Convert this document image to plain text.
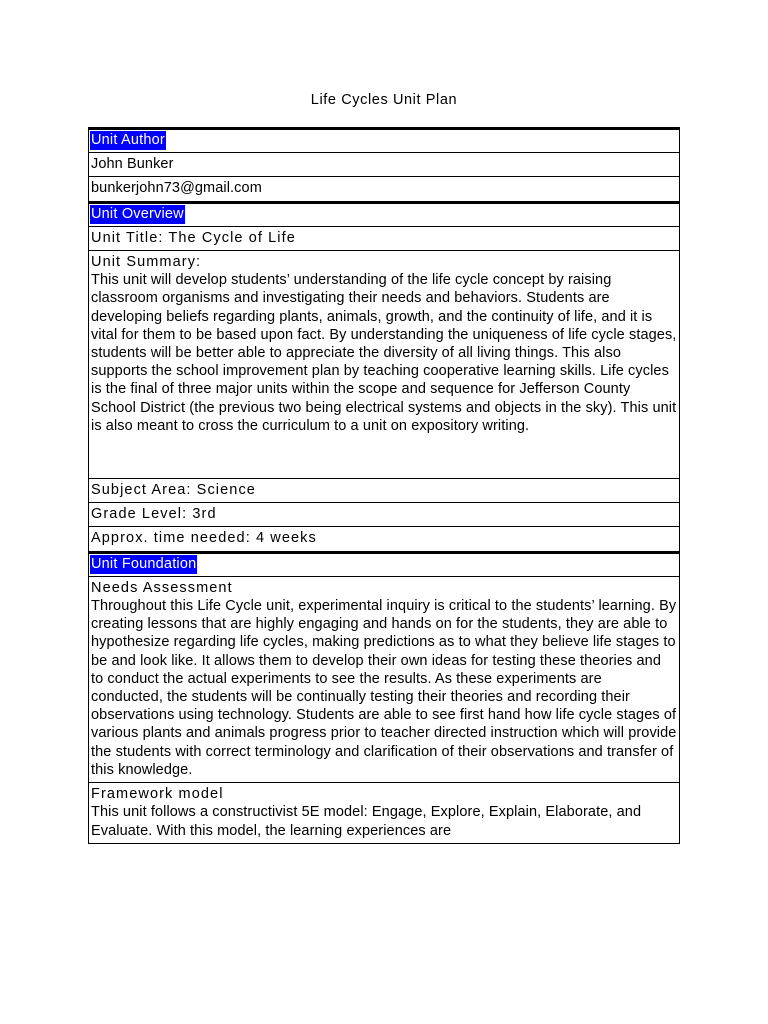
Life Cycles Unit Plan
Unit Author
John Bunker
bunkerjohn73@gmail.com
Unit Overview
Unit Title: The Cycle of Life

Unit Summary:
This unit will develop students’ understanding of the life cycle concept by raising classroom organisms and investigating their needs and behaviors. Students are developing beliefs regarding plants, animals, growth, and the continuity of life, and it is vital for them to be based upon fact. By understanding the uniqueness of life cycle stages, students will be better able to appreciate the diversity of all living things. This also supports the school improvement plan by teaching cooperative learning skills. Life cycles is the final of three major units within the scope and sequence for Jefferson County School District (the previous two being electrical systems and objects in the sky). This unit is also meant to cross the curriculum to a unit on expository writing.

Subject Area: Science
Grade Level: 3rd
Approx. time needed: 4 weeks
Unit Foundation

Needs Assessment
Throughout this Life Cycle unit, experimental inquiry is critical to the students’ learning. By creating lessons that are highly engaging and hands on for the students, they are able to hypothesize regarding life cycles, making predictions as to what they believe life stages to be and look like. It allows them to develop their own ideas for testing these theories and to conduct the actual experiments to see the results. As these experiments are conducted, the students will be continually testing their theories and recording their observations using technology. Students are able to see first hand how life cycle stages of various plants and animals progress prior to teacher directed instruction which will provide the students with correct terminology and clarification of their observations and transfer of this knowledge.

Framework model
This unit follows a constructivist 5E model: Engage, Explore, Explain, Elaborate, and Evaluate. With this model, the learning experiences are
